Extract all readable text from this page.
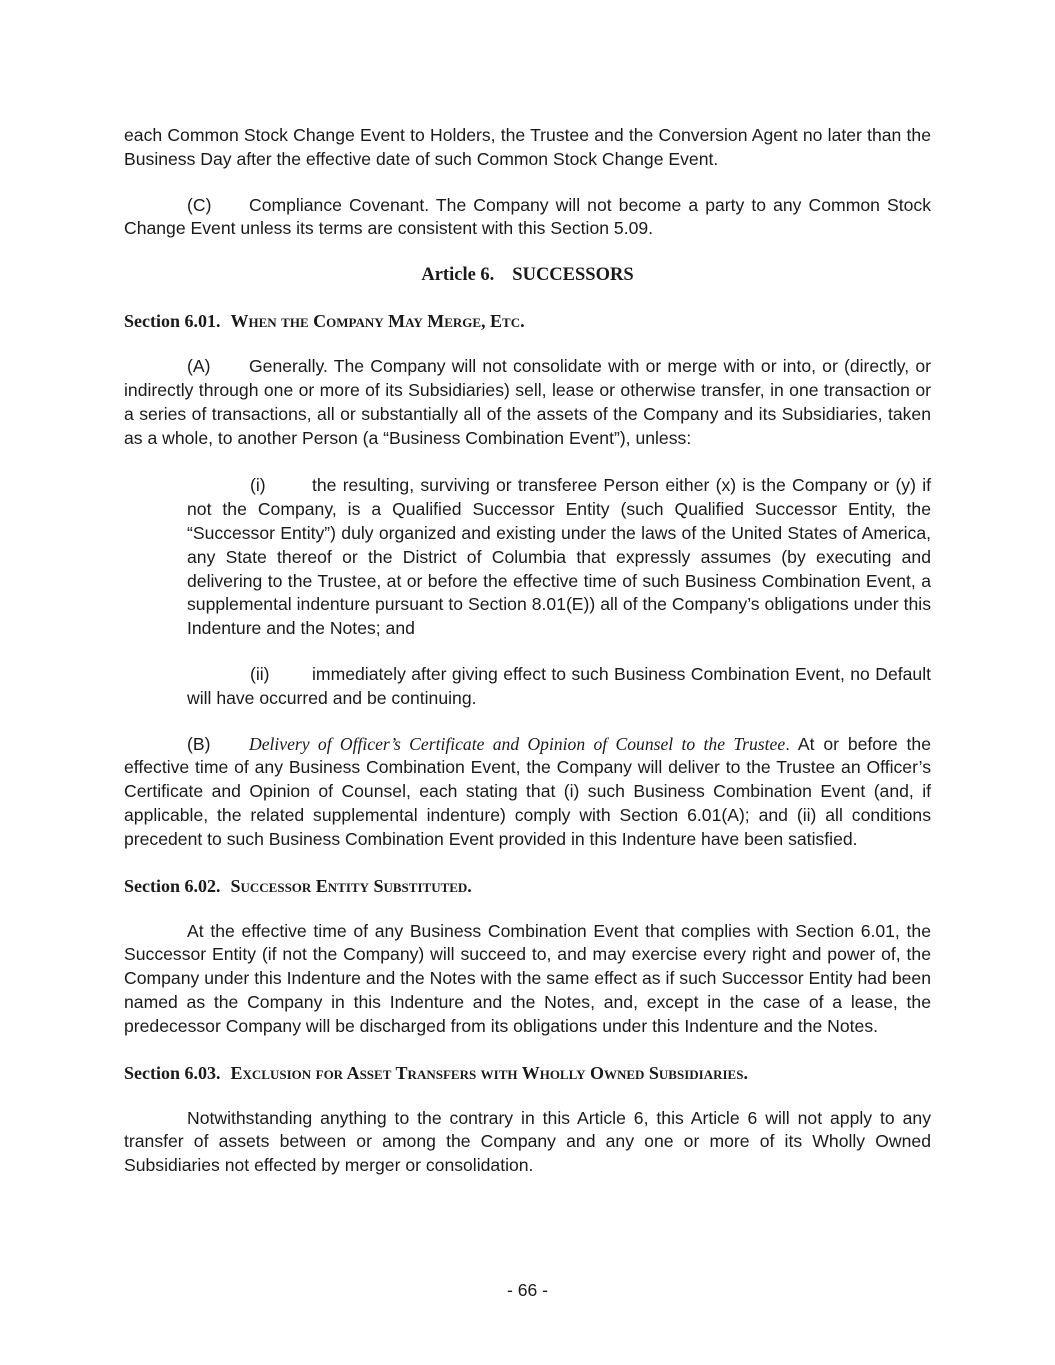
each Common Stock Change Event to Holders, the Trustee and the Conversion Agent no later than the Business Day after the effective date of such Common Stock Change Event.

(C) Compliance Covenant. The Company will not become a party to any Common Stock Change Event unless its terms are consistent with this Section 5.09.

Article 6. SUCCESSORS

Section 6.01. When the Company May Merge, Etc.

(A) Generally. The Company will not consolidate with or merge with or into, or (directly, or indirectly through one or more of its Subsidiaries) sell, lease or otherwise transfer, in one transaction or a series of transactions, all or substantially all of the assets of the Company and its Subsidiaries, taken as a whole, to another Person (a “Business Combination Event”), unless:

(i)	the resulting, surviving or transferee Person either (x) is the Company or (y) if not the Company, is a Qualified Successor Entity (such Qualified Successor Entity, the “Successor Entity”) duly organized and existing under the laws of the United States of America, any State thereof or the District of Columbia that expressly assumes (by executing and delivering to the Trustee, at or before the effective time of such Business Combination Event, a supplemental indenture pursuant to Section 8.01(E)) all of the Company’s obligations under this Indenture and the Notes; and

(ii) immediately after giving effect to such Business Combination Event, no Default will have occurred and be continuing.

(B) Delivery of Officer’s Certificate and Opinion of Counsel to the Trustee. At or before the effective time of any Business Combination Event, the Company will deliver to the Trustee an Officer’s Certificate and Opinion of Counsel, each stating that (i) such Business Combination Event (and, if applicable, the related supplemental indenture) comply with Section 6.01(A); and (ii) all conditions precedent to such Business Combination Event provided in this Indenture have been satisfied.

Section 6.02. Successor Entity Substituted.

At the effective time of any Business Combination Event that complies with Section 6.01, the Successor Entity (if not the Company) will succeed to, and may exercise every right and power of, the Company under this Indenture and the Notes with the same effect as if such Successor Entity had been named as the Company in this Indenture and the Notes, and, except in the case of a lease, the predecessor Company will be discharged from its obligations under this Indenture and the Notes.

Section 6.03. Exclusion for Asset Transfers with Wholly Owned Subsidiaries.

Notwithstanding anything to the contrary in this Article 6, this Article 6 will not apply to any transfer of assets between or among the Company and any one or more of its Wholly Owned Subsidiaries not effected by merger or consolidation.

- 66 -
